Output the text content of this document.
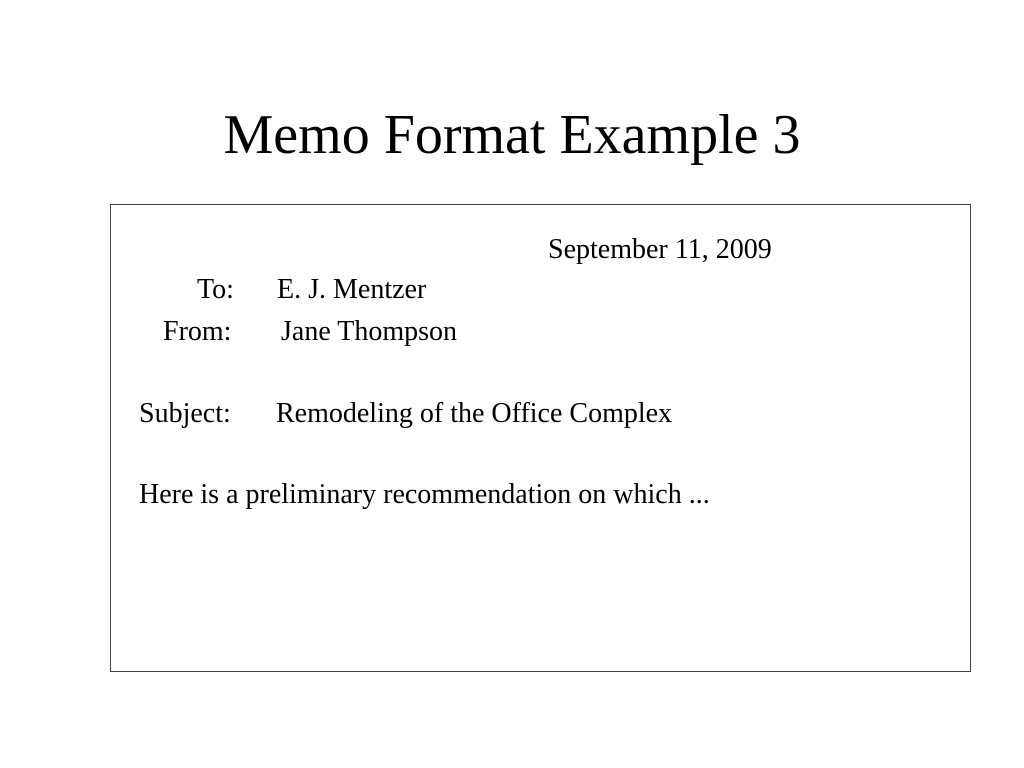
Memo Format Example 3
September 11, 2009
To: E. J. Mentzer
From: Jane Thompson
Subject: Remodeling of the Office Complex
Here is a preliminary recommendation on which ...
